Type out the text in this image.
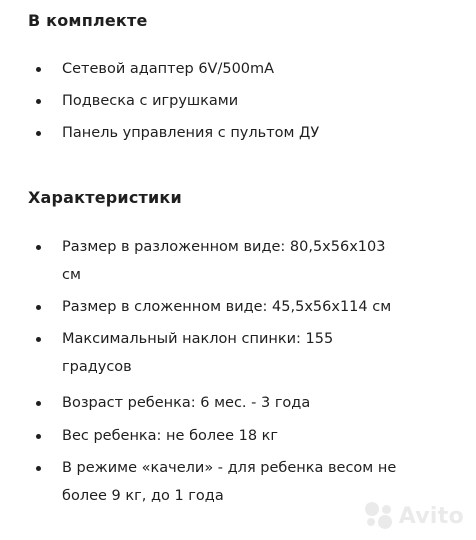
В комплекте
Сетевой адаптер 6V/500mA
Подвеска с игрушками
Панель управления с пультом ДУ
Характеристики
Размер в разложенном виде: 80,5х56х103
см
Размер в сложенном виде: 45,5х56х114 см
Максимальный наклон спинки: 155
градусов
Возраст ребенка: 6 мес. - 3 года
Вес ребенка: не более 18 кг
В режиме «качели» - для ребенка весом не
более 9 кг, до 1 года
Avito
